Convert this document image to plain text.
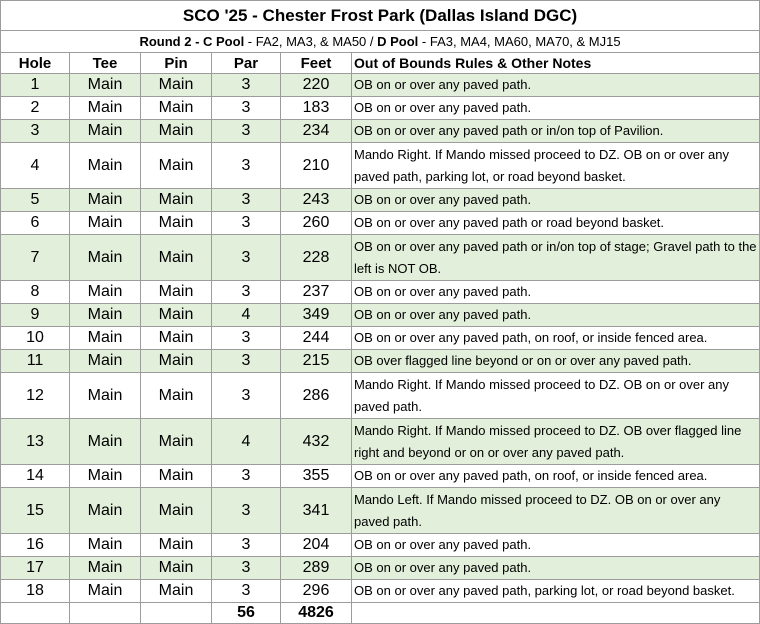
SCO '25 - Chester Frost Park (Dallas Island DGC)					
Round 2 - C Pool - FA2, MA3, & MA50 / D Pool - FA3, MA4, MA60, MA70, & MJ15					
Hole	Tee	Pin	Par	Feet	Out of Bounds Rules & Other Notes
1	Main	Main	3	220	OB on or over any paved path.
2	Main	Main	3	183	OB on or over any paved path.
3	Main	Main	3	234	OB on or over any paved path or in/on top of Pavilion.
4	Main	Main	3	210	Mando Right. If Mando missed proceed to DZ. OB on or over any paved path, parking lot, or road beyond basket.
5	Main	Main	3	243	OB on or over any paved path.
6	Main	Main	3	260	OB on or over any paved path or road beyond basket.
7	Main	Main	3	228	OB on or over any paved path or in/on top of stage; Gravel path to the left is NOT OB.
8	Main	Main	3	237	OB on or over any paved path.
9	Main	Main	4	349	OB on or over any paved path.
10	Main	Main	3	244	OB on or over any paved path, on roof, or inside fenced area.
11	Main	Main	3	215	OB over flagged line beyond or on or over any paved path.
12	Main	Main	3	286	Mando Right. If Mando missed proceed to DZ. OB on or over any paved path.
13	Main	Main	4	432	Mando Right. If Mando missed proceed to DZ. OB over flagged line right and beyond or on or over any paved path.
14	Main	Main	3	355	OB on or over any paved path, on roof, or inside fenced area.
15	Main	Main	3	341	Mando Left. If Mando missed proceed to DZ. OB on or over any paved path.
16	Main	Main	3	204	OB on or over any paved path.
17	Main	Main	3	289	OB on or over any paved path.
18	Main	Main	3	296	OB on or over any paved path, parking lot, or road beyond basket.
			56	4826	
